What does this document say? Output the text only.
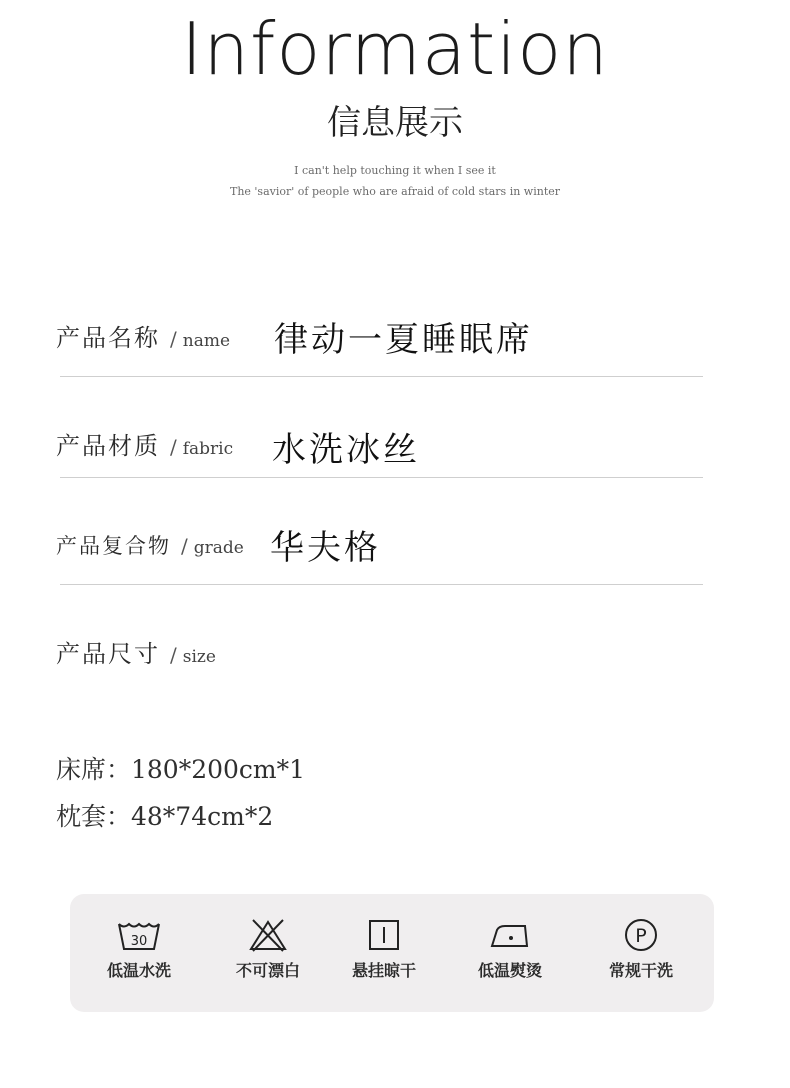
Information
信息展示
I can't help touching it when I see it
The 'savior' of people who are afraid of cold stars in winter
产品名称 / name 律动一夏睡眠席
产品材质 / fabric 水洗冰丝
产品复合物 / grade 华夫格
产品尺寸 / size
床席：180*200cm*1
枕套：48*74cm*2
30
低温水洗	不可漂白	悬挂晾干	低温熨烫
P
常规干洗
